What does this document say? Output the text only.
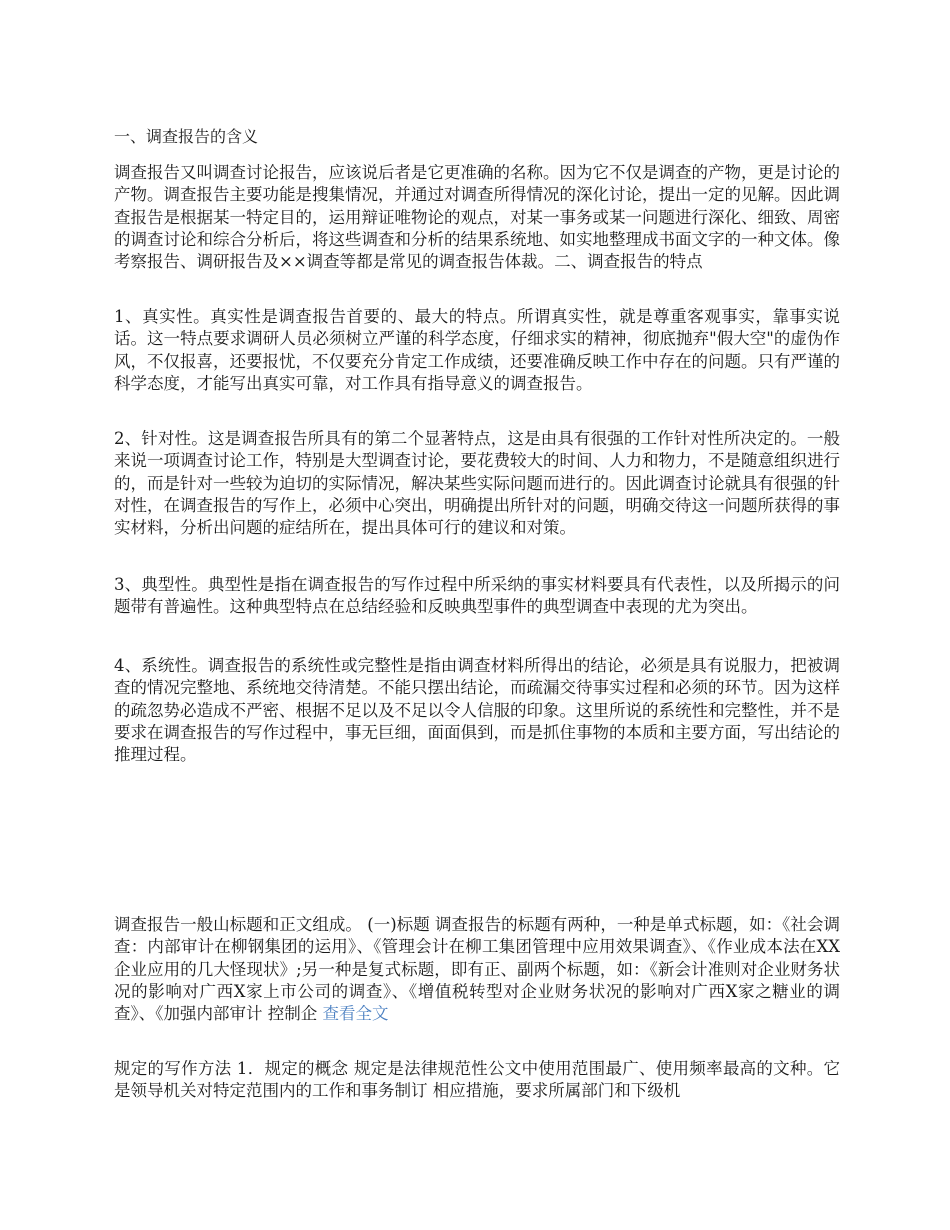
一、调查报告的含义

调查报告又叫调查讨论报告，应该说后者是它更准确的名称。因为它不仅是调查的产物，更是讨论的产物。调查报告主要功能是搜集情况，并通过对调查所得情况的深化讨论，提出一定的见解。因此调查报告是根据某一特定目的，运用辩证唯物论的观点，对某一事务或某一问题进行深化、细致、周密的调查讨论和综合分析后，将这些调查和分析的结果系统地、如实地整理成书面文字的一种文体。像考察报告、调研报告及××调查等都是常见的调查报告体裁。二、调查报告的特点

1、真实性。真实性是调查报告首要的、最大的特点。所谓真实性，就是尊重客观事实，靠事实说话。这一特点要求调研人员必须树立严谨的科学态度，仔细求实的精神，彻底抛弃"假大空"的虚伪作风，不仅报喜，还要报忧，不仅要充分肯定工作成绩，还要准确反映工作中存在的问题。只有严谨的科学态度，才能写出真实可靠，对工作具有指导意义的调查报告。

2、针对性。这是调查报告所具有的第二个显著特点，这是由具有很强的工作针对性所决定的。一般来说一项调查讨论工作，特别是大型调查讨论，要花费较大的时间、人力和物力，不是随意组织进行的，而是针对一些较为迫切的实际情况，解决某些实际问题而进行的。因此调查讨论就具有很强的针对性，在调查报告的写作上，必须中心突出，明确提出所针对的问题，明确交待这一问题所获得的事实材料，分析出问题的症结所在，提出具体可行的建议和对策。

3、典型性。典型性是指在调查报告的写作过程中所采纳的事实材料要具有代表性，以及所揭示的问题带有普遍性。这种典型特点在总结经验和反映典型事件的典型调查中表现的尤为突出。

4、系统性。调查报告的系统性或完整性是指由调查材料所得出的结论，必须是具有说服力，把被调查的情况完整地、系统地交待清楚。不能只摆出结论，而疏漏交待事实过程和必须的环节。因为这样的疏忽势必造成不严密、根据不足以及不足以令人信服的印象。这里所说的系统性和完整性，并不是要求在调查报告的写作过程中，事无巨细，面面俱到，而是抓住事物的本质和主要方面，写出结论的推理过程。

调查报告一般山标题和正文组成。 (一)标题 调查报告的标题有两种，一种是单式标题，如：《社会调查：内部审计在柳钢集团的运用》、《管理会计在柳工集团管理中应用效果调查》、《作业成本法在XX企业应用的几大怪现状》;另一种是复式标题，即有正、副两个标题，如：《新会计准则对企业财务状况的影响对广西X家上市公司的调查》、《增值税转型对企业财务状况的影响对广西X家之糖业的调查》、《加强内部审计 控制企 查看全文

规定的写作方法 1．规定的概念 规定是法律规范性公文中使用范围最广、使用频率最高的文种。它是领导机关对特定范围内的工作和事务制订 相应措施，要求所属部门和下级机
